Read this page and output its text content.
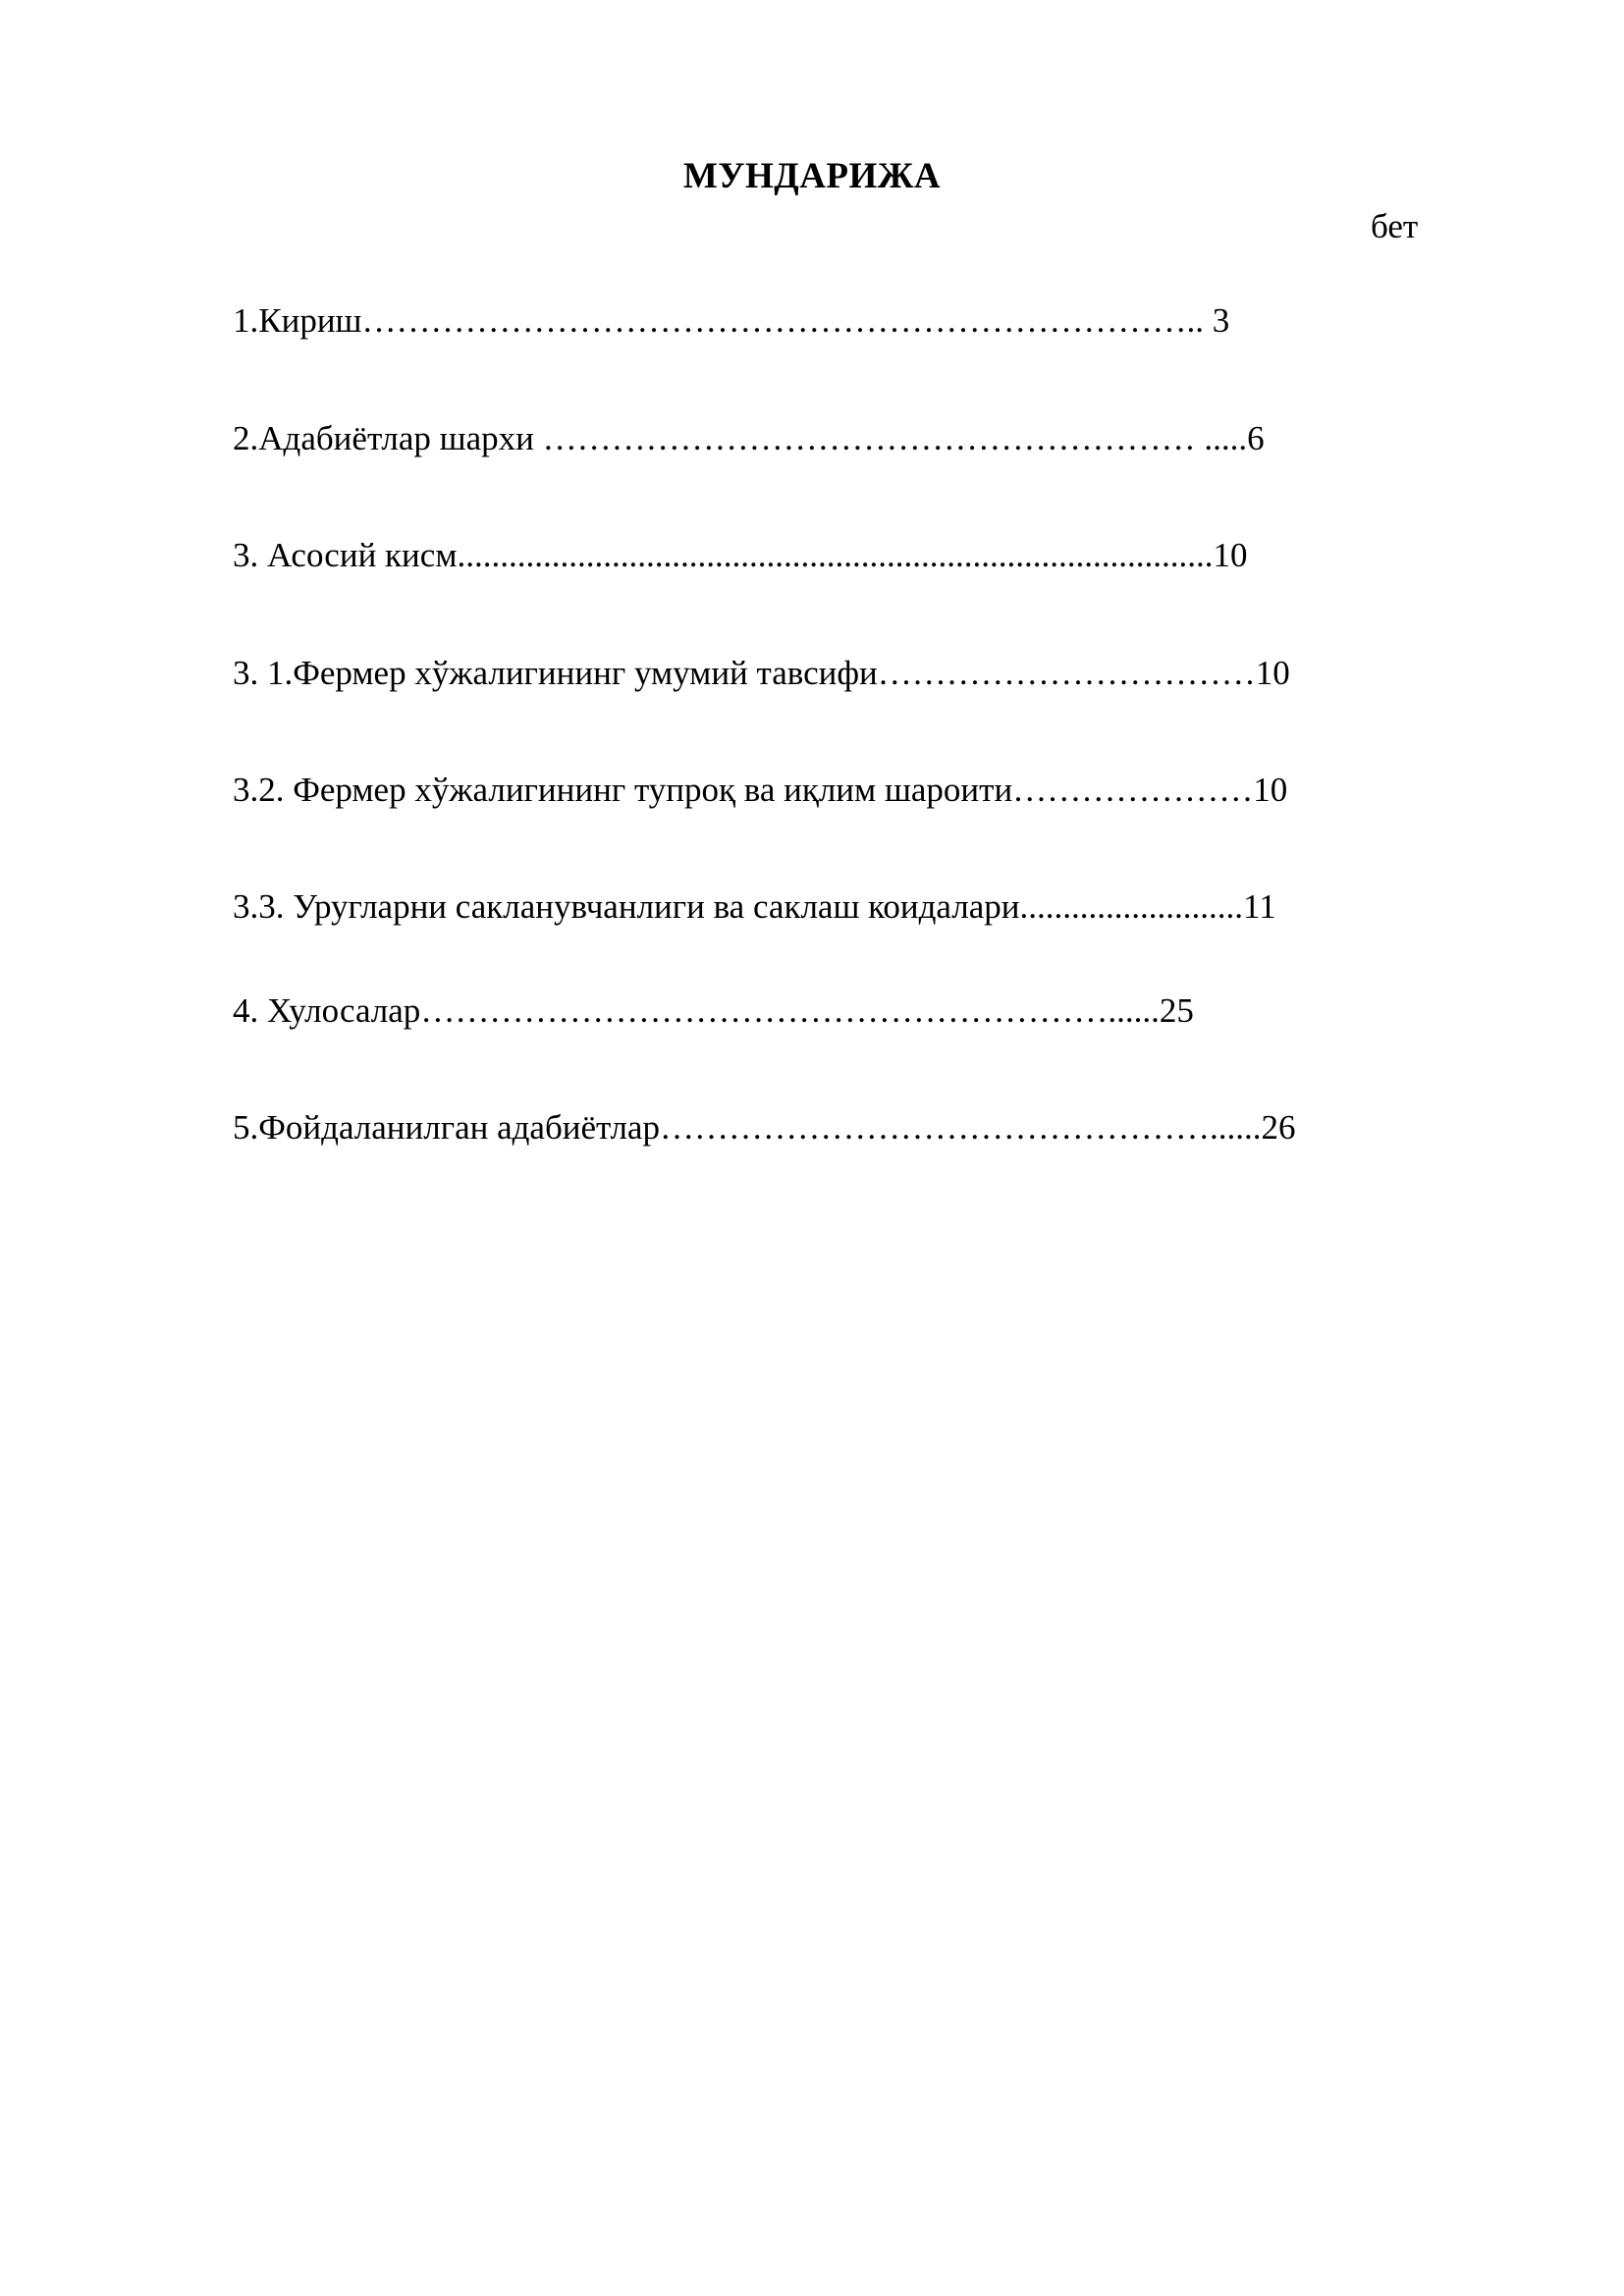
МУНДАРИЖА
бет
1.Кириш……………………………………………………………….. 3
2.Адабиётлар шархи ………………………………………………… .....6
3. Асосий кисм........................................................................................10
3. 1.Фермер хўжалигининг умумий тавсифи……………………………10
3.2. Фермер хўжалигининг тупроқ ва иқлим шароити…………………10
3.3. Уругларни сакланувчанлиги ва саклаш коидалари..........................11
4. Хулосалар……………………………………………………......25
5.Фойдаланилган адабиётлар…………………………………………......26
